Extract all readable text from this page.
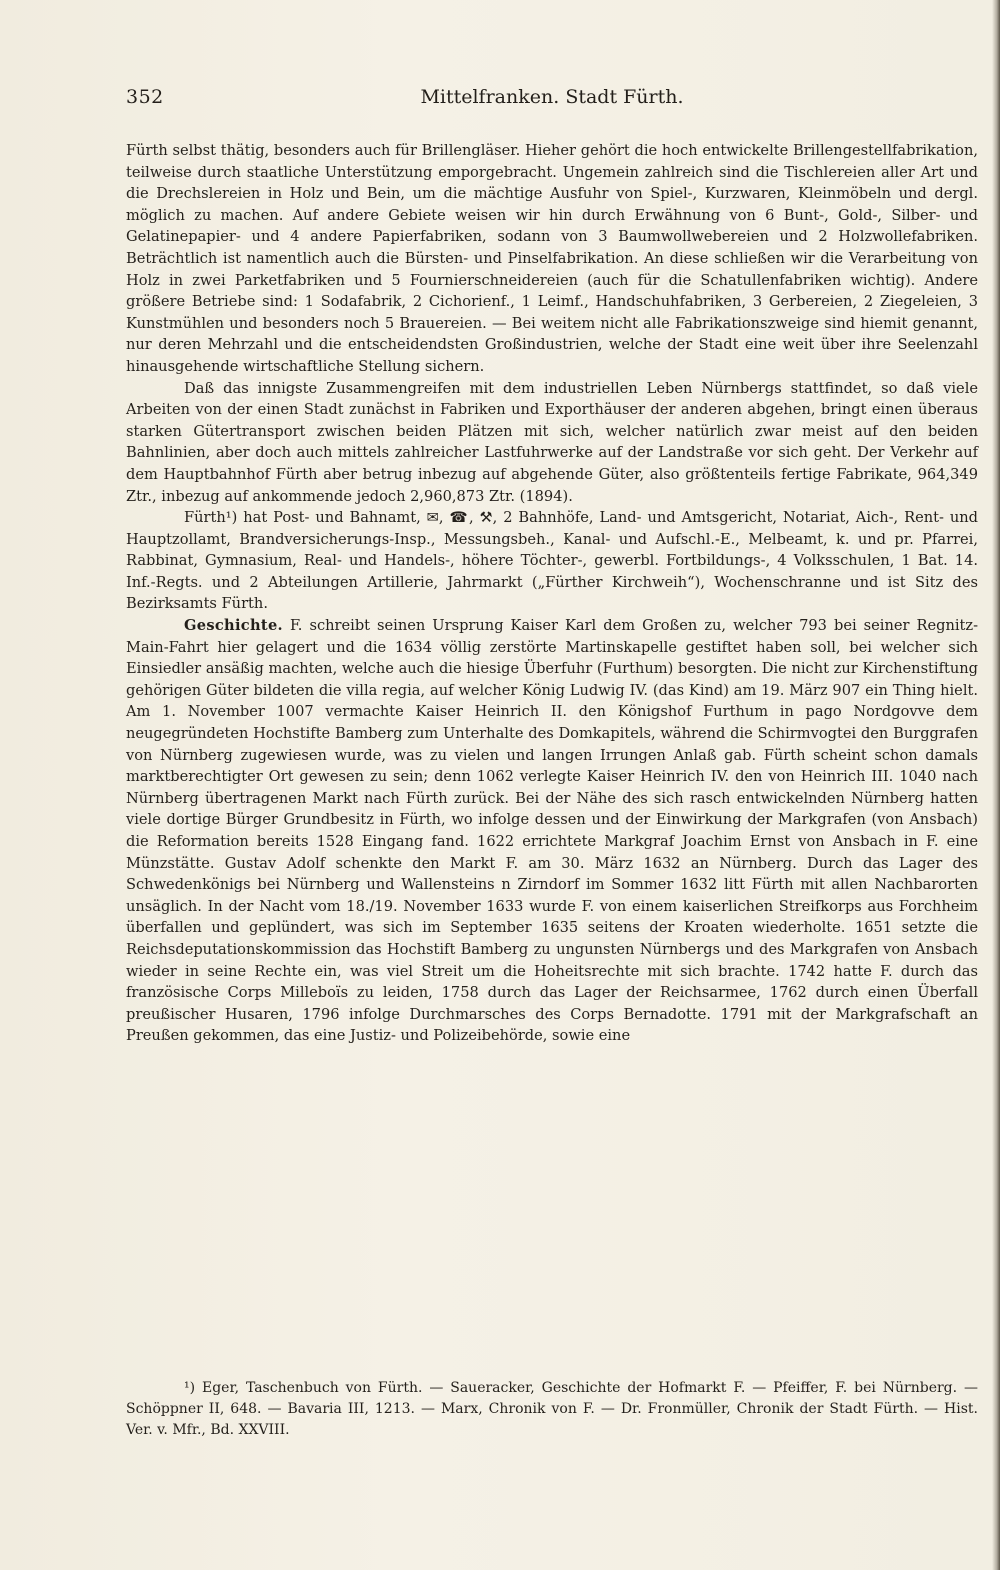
352	Mittelfranken. Stadt Fürth.

Fürth selbst thätig, besonders auch für Brillengläser. Hieher gehört die hoch entwickelte Brillengestellfabrikation, teilweise durch staatliche Unterstützung emporgebracht. Ungemein zahlreich sind die Tischlereien aller Art und die Drechslereien in Holz und Bein, um die mächtige Ausfuhr von Spiel-, Kurzwaren, Kleinmöbeln und dergl. möglich zu machen. Auf andere Gebiete weisen wir hin durch Erwähnung von 6 Bunt-, Gold-, Silber- und Gelatinepapier- und 4 andere Papierfabriken, sodann von 3 Baumwollwebereien und 2 Holzwollefabriken. Beträchtlich ist namentlich auch die Bürsten- und Pinselfabrikation. An diese schließen wir die Verarbeitung von Holz in zwei Parketfabriken und 5 Fournierschneidereien (auch für die Schatullenfabriken wichtig). Andere größere Betriebe sind: 1 Sodafabrik, 2 Cichorienf., 1 Leimf., Handschuhfabriken, 3 Gerbereien, 2 Ziegeleien, 3 Kunstmühlen und besonders noch 5 Brauereien. — Bei weitem nicht alle Fabrikationszweige sind hiemit genannt, nur deren Mehrzahl und die entscheidendsten Großindustrien, welche der Stadt eine weit über ihre Seelenzahl hinausgehende wirtschaftliche Stellung sichern.

Daß das innigste Zusammengreifen mit dem industriellen Leben Nürnbergs stattfindet, so daß viele Arbeiten von der einen Stadt zunächst in Fabriken und Exporthäuser der anderen abgehen, bringt einen überaus starken Gütertransport zwischen beiden Plätzen mit sich, welcher natürlich zwar meist auf den beiden Bahnlinien, aber doch auch mittels zahlreicher Lastfuhrwerke auf der Landstraße vor sich geht. Der Verkehr auf dem Hauptbahnhof Fürth aber betrug inbezug auf abgehende Güter, also größtenteils fertige Fabrikate, 964,349 Ztr., inbezug auf ankommende jedoch 2,960,873 Ztr. (1894).

Fürth¹) hat Post- und Bahnamt, ✉, ☎, ⚒, 2 Bahnhöfe, Land- und Amtsgericht, Notariat, Aich-, Rent- und Hauptzollamt, Brandversicherungs-Insp., Messungsbeh., Kanal- und Aufschl.-E., Melbeamt, k. und pr. Pfarrei, Rabbinat, Gymnasium, Real- und Handels-, höhere Töchter-, gewerbl. Fortbildungs-, 4 Volksschulen, 1 Bat. 14. Inf.-Regts. und 2 Abteilungen Artillerie, Jahrmarkt („Fürther Kirchweih“), Wochenschranne und ist Sitz des Bezirksamts Fürth.

Geschichte. F. schreibt seinen Ursprung Kaiser Karl dem Großen zu, welcher 793 bei seiner Regnitz-Main-Fahrt hier gelagert und die 1634 völlig zerstörte Martinskapelle gestiftet haben soll, bei welcher sich Einsiedler ansäßig machten, welche auch die hiesige Überfuhr (Furthum) besorgten. Die nicht zur Kirchenstiftung gehörigen Güter bildeten die villa regia, auf welcher König Ludwig IV. (das Kind) am 19. März 907 ein Thing hielt. Am 1. November 1007 vermachte Kaiser Heinrich II. den Königshof Furthum in pago Nordgovve dem neugegründeten Hochstifte Bamberg zum Unterhalte des Domkapitels, während die Schirmvogtei den Burggrafen von Nürnberg zugewiesen wurde, was zu vielen und langen Irrungen Anlaß gab. Fürth scheint schon damals marktberechtigter Ort gewesen zu sein; denn 1062 verlegte Kaiser Heinrich IV. den von Heinrich III. 1040 nach Nürnberg übertragenen Markt nach Fürth zurück. Bei der Nähe des sich rasch entwickelnden Nürnberg hatten viele dortige Bürger Grundbesitz in Fürth, wo infolge dessen und der Einwirkung der Markgrafen (von Ansbach) die Reformation bereits 1528 Eingang fand. 1622 errichtete Markgraf Joachim Ernst von Ansbach in F. eine Münzstätte. Gustav Adolf schenkte den Markt F. am 30. März 1632 an Nürnberg. Durch das Lager des Schwedenkönigs bei Nürnberg und Wallensteins n Zirndorf im Sommer 1632 litt Fürth mit allen Nachbarorten unsäglich. In der Nacht vom 18./19. November 1633 wurde F. von einem kaiserlichen Streifkorps aus Forchheim überfallen und geplündert, was sich im September 1635 seitens der Kroaten wiederholte. 1651 setzte die Reichsdeputationskommission das Hochstift Bamberg zu ungunsten Nürnbergs und des Markgrafen von Ansbach wieder in seine Rechte ein, was viel Streit um die Hoheitsrechte mit sich brachte. 1742 hatte F. durch das französische Corps Milleboïs zu leiden, 1758 durch das Lager der Reichsarmee, 1762 durch einen Überfall preußischer Husaren, 1796 infolge Durchmarsches des Corps Bernadotte. 1791 mit der Markgrafschaft an Preußen gekommen, das eine Justiz- und Polizeibehörde, sowie eine

¹) Eger, Taschenbuch von Fürth. — Saueracker, Geschichte der Hofmarkt F. — Pfeiffer, F. bei Nürnberg. — Schöppner II, 648. — Bavaria III, 1213. — Marx, Chronik von F. — Dr. Fronmüller, Chronik der Stadt Fürth. — Hist. Ver. v. Mfr., Bd. XXVIII.
